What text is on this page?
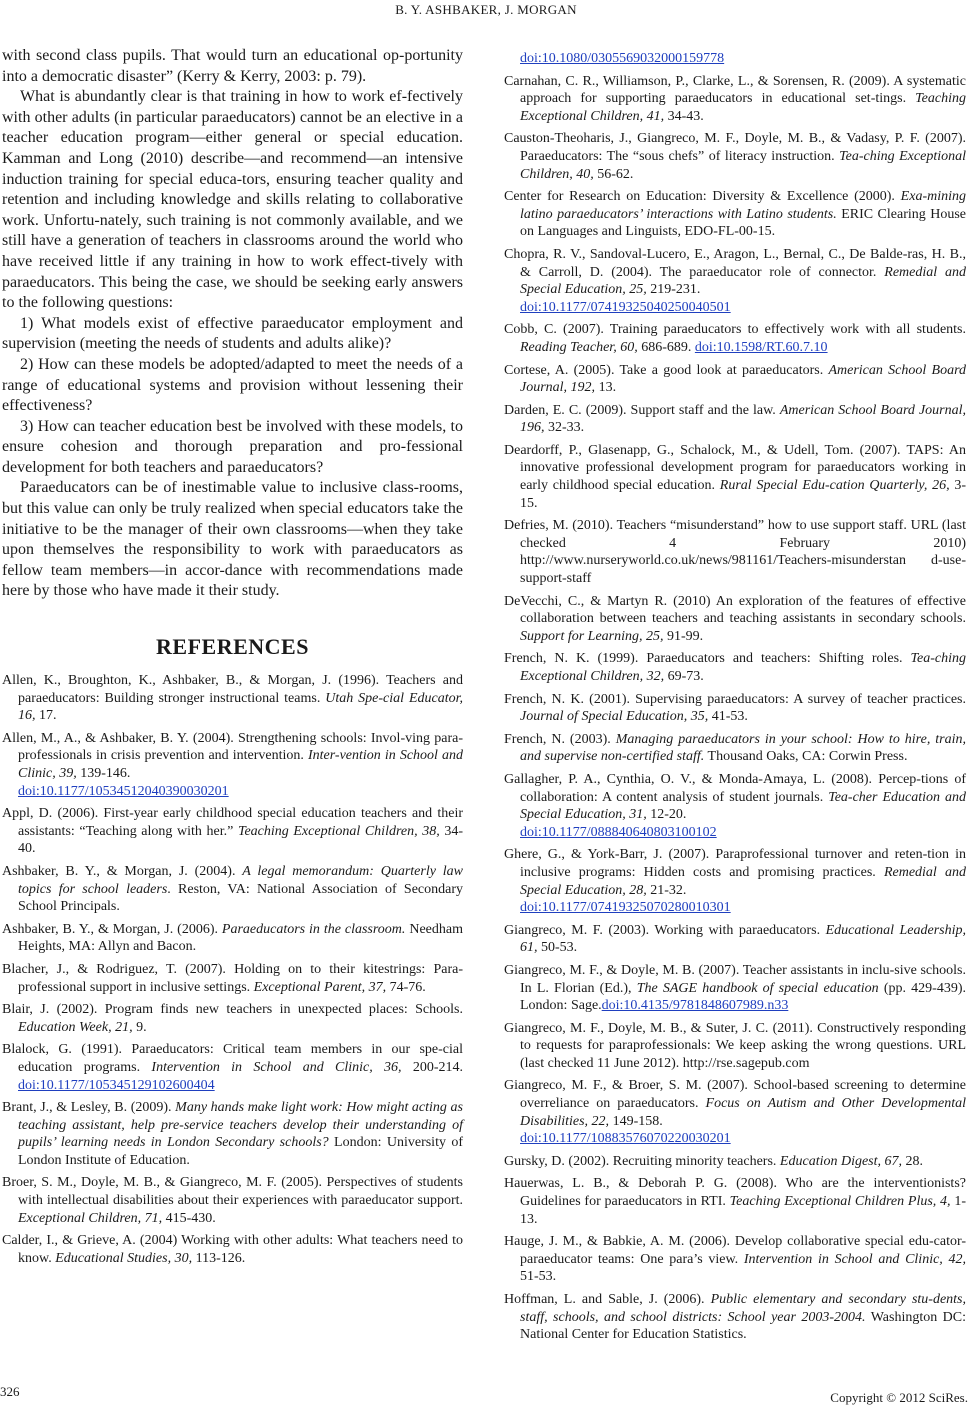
B. Y. ASHBAKER, J. MORGAN

with second class pupils. That would turn an educational op-portunity into a democratic disaster” (Kerry & Kerry, 2003: p. 79).

What is abundantly clear is that training in how to work ef-fectively with other adults (in particular paraeducators) cannot be an elective in a teacher education program—either general or special education. Kamman and Long (2010) describe—and recommend—an intensive induction training for special educa-tors, ensuring teacher quality and retention and including knowledge and skills relating to collaborative work. Unfortu-nately, such training is not commonly available, and we still have a generation of teachers in classrooms around the world who have received little if any training in how to work effect-tively with paraeducators. This being the case, we should be seeking early answers to the following questions:

1) What models exist of effective paraeducator employment and supervision (meeting the needs of students and adults alike)?

2) How can these models be adopted/adapted to meet the needs of a range of educational systems and provision without lessening their effectiveness?

3) How can teacher education best be involved with these models, to ensure cohesion and thorough preparation and pro-fessional development for both teachers and paraeducators?

Paraeducators can be of inestimable value to inclusive class-rooms, but this value can only be truly realized when special educators take the initiative to be the manager of their own classrooms—when they take upon themselves the responsibility to work with paraeducators as fellow team members—in accor-dance with recommendations made here by those who have made it their study.

REFERENCES

Allen, K., Broughton, K., Ashbaker, B., & Morgan, J. (1996). Teachers and paraeducators: Building stronger instructional teams. Utah Spe-cial Educator, 16, 17.

Allen, M., A., & Ashbaker, B. Y. (2004). Strengthening schools: Invol-ving para-professionals in crisis prevention and intervention. Inter-vention in School and Clinic, 39, 139-146.
doi:10.1177/10534512040390030201

Appl, D. (2006). First-year early childhood special education teachers and their assistants: “Teaching along with her.” Teaching Exceptional Children, 38, 34-40.

Ashbaker, B. Y., & Morgan, J. (2004). A legal memorandum: Quarterly law topics for school leaders. Reston, VA: National Association of Secondary School Principals.

Ashbaker, B. Y., & Morgan, J. (2006). Paraeducators in the classroom. Needham Heights, MA: Allyn and Bacon.

Blacher, J., & Rodriguez, T. (2007). Holding on to their kitestrings: Para-professional support in inclusive settings. Exceptional Parent, 37, 74-76.

Blair, J. (2002). Program finds new teachers in unexpected places: Schools. Education Week, 21, 9.

Blalock, G. (1991). Paraeducators: Critical team members in our spe-cial education programs. Intervention in School and Clinic, 36, 200-214. doi:10.1177/105345129102600404

Brant, J., & Lesley, B. (2009). Many hands make light work: How might acting as teaching assistant, help pre-service teachers develop their understanding of pupils’ learning needs in London Secondary schools? London: University of London Institute of Education.

Broer, S. M., Doyle, M. B., & Giangreco, M. F. (2005). Perspectives of students with intellectual disabilities about their experiences with paraeducator support. Exceptional Children, 71, 415-430.

Calder, I., & Grieve, A. (2004) Working with other adults: What teachers need to know. Educational Studies, 30, 113-126.

doi:10.1080/0305569032000159778

Carnahan, C. R., Williamson, P., Clarke, L., & Sorensen, R. (2009). A systematic approach for supporting paraeducators in educational set-tings. Teaching Exceptional Children, 41, 34-43.

Causton-Theoharis, J., Giangreco, M. F., Doyle, M. B., & Vadasy, P. F. (2007). Paraeducators: The “sous chefs” of literacy instruction. Tea-ching Exceptional Children, 40, 56-62.

Center for Research on Education: Diversity & Excellence (2000). Exa-mining latino paraeducators’ interactions with Latino students. ERIC Clearing House on Languages and Linguists, EDO-FL-00-15.

Chopra, R. V., Sandoval-Lucero, E., Aragon, L., Bernal, C., De Balde-ras, H. B., & Carroll, D. (2004). The paraeducator role of connector. Remedial and Special Education, 25, 219-231.
doi:10.1177/07419325040250040501

Cobb, C. (2007). Training paraeducators to effectively work with all students. Reading Teacher, 60, 686-689. doi:10.1598/RT.60.7.10

Cortese, A. (2005). Take a good look at paraeducators. American School Board Journal, 192, 13.

Darden, E. C. (2009). Support staff and the law. American School Board Journal, 196, 32-33.

Deardorff, P., Glasenapp, G., Schalock, M., & Udell, Tom. (2007). TAPS: An innovative professional development program for paraeducators working in early childhood special education. Rural Special Edu-cation Quarterly, 26, 3-15.

Defries, M. (2010). Teachers “misunderstand” how to use support staff. URL (last checked 4 February 2010) http://www.nurseryworld.co.uk/news/981161/Teachers-misunderstan d-use-support-staff

DeVecchi, C., & Martyn R. (2010) An exploration of the features of effective collaboration between teachers and teaching assistants in secondary schools. Support for Learning, 25, 91-99.

French, N. K. (1999). Paraeducators and teachers: Shifting roles. Tea-ching Exceptional Children, 32, 69-73.

French, N. K. (2001). Supervising paraeducators: A survey of teacher practices. Journal of Special Education, 35, 41-53.

French, N. (2003). Managing paraeducators in your school: How to hire, train, and supervise non-certified staff. Thousand Oaks, CA: Corwin Press.

Gallagher, P. A., Cynthia, O. V., & Monda-Amaya, L. (2008). Percep-tions of collaboration: A content analysis of student journals. Tea-cher Education and Special Education, 31, 12-20.
doi:10.1177/088840640803100102

Ghere, G., & York-Barr, J. (2007). Paraprofessional turnover and reten-tion in inclusive programs: Hidden costs and promising practices. Remedial and Special Education, 28, 21-32.
doi:10.1177/07419325070280010301

Giangreco, M. F. (2003). Working with paraeducators. Educational Leadership, 61, 50-53.

Giangreco, M. F., & Doyle, M. B. (2007). Teacher assistants in inclu-sive schools. In L. Florian (Ed.), The SAGE handbook of special education (pp. 429-439). London: Sage.doi:10.4135/9781848607989.n33

Giangreco, M. F., Doyle, M. B., & Suter, J. C. (2011). Constructively responding to requests for paraprofessionals: We keep asking the wrong questions. URL (last checked 11 June 2012). http://rse.sagepub.com

Giangreco, M. F., & Broer, S. M. (2007). School-based screening to determine overreliance on paraeducators. Focus on Autism and Other Developmental Disabilities, 22, 149-158.
doi:10.1177/10883576070220030201

Gursky, D. (2002). Recruiting minority teachers. Education Digest, 67, 28.

Hauerwas, L. B., & Deborah P. G. (2008). Who are the interventionists? Guidelines for paraeducators in RTI. Teaching Exceptional Children Plus, 4, 1-13.

Hauge, J. M., & Babkie, A. M. (2006). Develop collaborative special edu-cator-paraeducator teams: One para’s view. Intervention in School and Clinic, 42, 51-53.

Hoffman, L. and Sable, J. (2006). Public elementary and secondary stu-dents, staff, schools, and school districts: School year 2003-2004. Washington DC: National Center for Education Statistics.

326	Copyright © 2012 SciRes.
